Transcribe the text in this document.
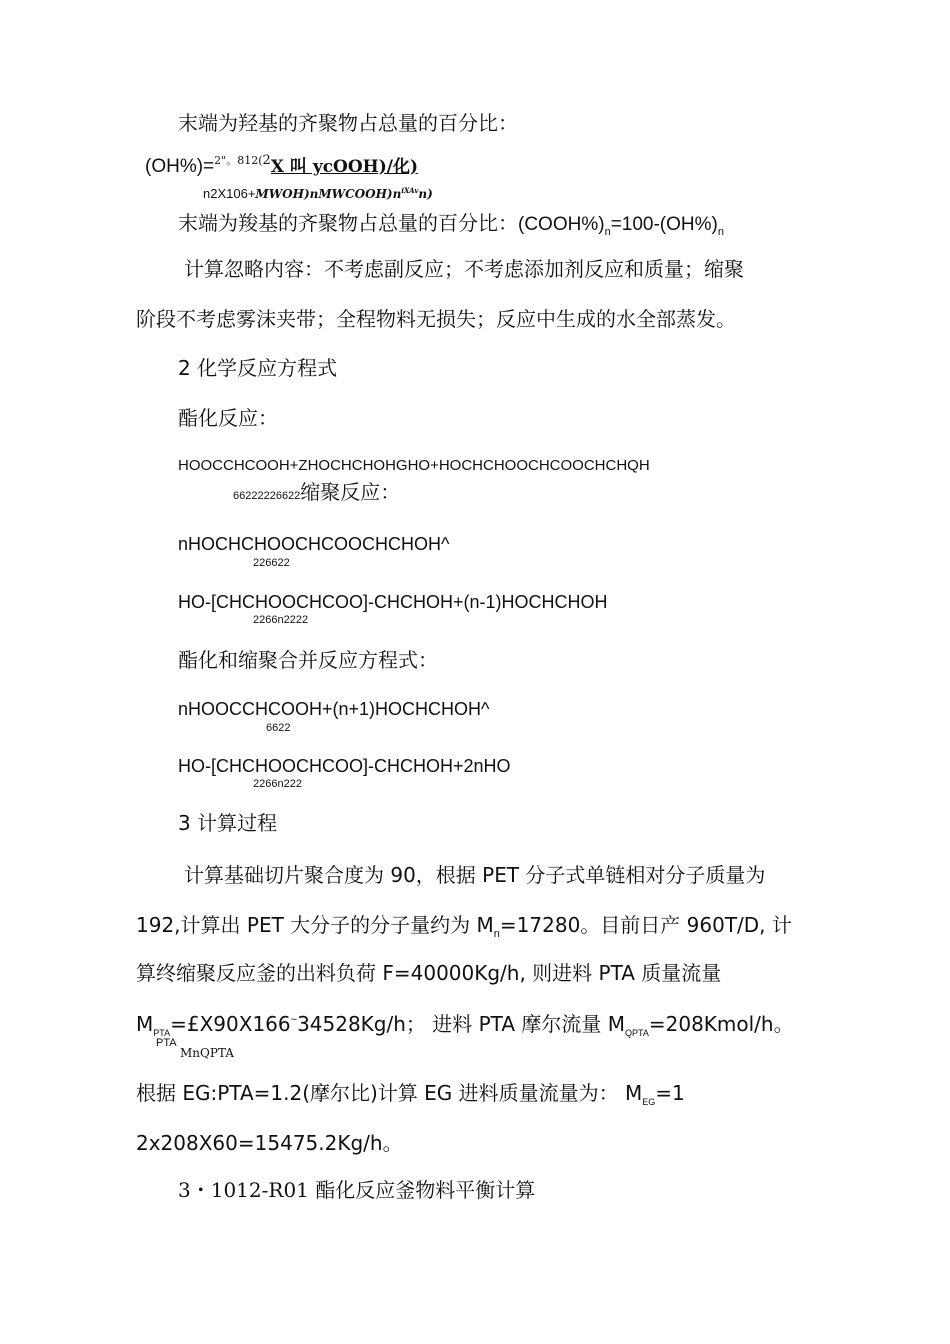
末端为羟基的齐聚物占总量的百分比：
(OH%)=$^{2"。812(2}$X 叫 ycOOH)/化)
$n2X106+MWOH)nMWCOOH)n^{iXAv}n$)
末端为羧基的齐聚物占总量的百分比：$(COOH\%)_n=100-(OH\%)_n$
计算忽略内容：不考虑副反应；不考虑添加剂反应和质量；缩聚
阶段不考虑雾沫夹带；全程物料无损失；反应中生成的水全部蒸发。
2 化学反应方程式
酯化反应：
HOOCCHCOOH+ZHOCHCHOHGHO+HOCHCHOOCHCOOCHCHQH
66222226622缩聚反应：
nHOCHCHOOCHCOOCHCHOH^
226622
HO-[CHCHOOCHCOO]-CHCHOH+(n-1)HOCHCHOH
2266n2222
酯化和缩聚合并反应方程式：
nHOOCCHCOOH+(n+1)HOCHCHOH^
6622
HO-[CHCHOOCHCOO]-CHCHOH+2nHO
2266n222
3 计算过程
计算基础切片聚合度为 90，根据 PET 分子式单链相对分子质量为
192,计算出 PET 大分子的分子量约为 $M_n=17280$。目前日产 960T/D, 计
算终缩聚反应釜的出料负荷 F=40000Kg/h, 则进料 PTA 质量流量
$M_{PTA}=£X90X166^\sim 34528Kg/h$； 进料 PTA 摩尔流量 $M_{QPTA}=208Kmol/h$。
PTA
MnQPTA
根据 EG:PTA=1.2(摩尔比)计算 EG 进料质量流量为： $M_{EG}=1$
2x208X60=15475.2Kg/h。
3・1012-R01 酯化反应釜物料平衡计算
